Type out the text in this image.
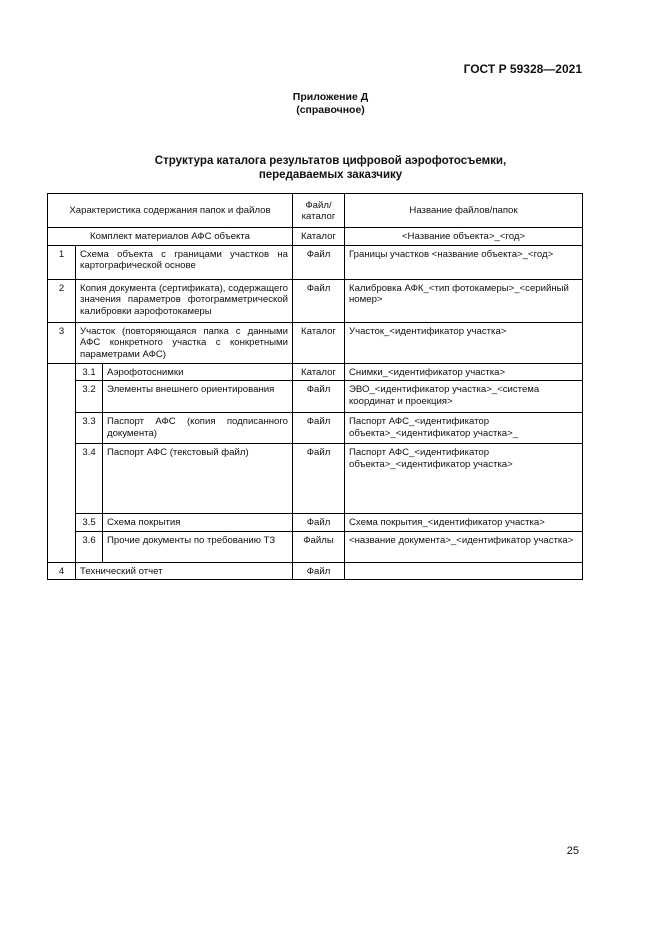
ГОСТ Р 59328—2021
Приложение Д
(справочное)
Структура каталога результатов цифровой аэрофотосъемки,
передаваемых заказчику
Характеристика содержания папок и файлов			Файл/ каталог	Название файлов/папок
Комплект материалов АФС объекта			Каталог	<Название объекта>_<год>
1	Схема объекта с границами участков на картографической основе		Файл	Границы участков <название объекта>_<год>
2	Копия документа (сертификата), содержащего значения параметров фотограмметрической калибровки аэрофотокамеры		Файл	Калибровка АФК_<тип фотокамеры>_<серийный номер>
3	Участок (повторяющаяся папка с данными АФС конкретного участка с конкретными параметрами АФС)		Каталог	Участок_<идентификатор участка>
	3.1	Аэрофотоснимки	Каталог	Снимки_<идентификатор участка>
	3.2	Элементы внешнего ориентирования	Файл	ЭВО_<идентификатор участка>_<система координат и проекция>
	3.3	Паспорт АФС (копия подписанного документа)	Файл	Паспорт АФС_<идентификатор объекта>_<идентификатор участка>_
	3.4	Паспорт АФС (текстовый файл)	Файл	Паспорт АФС_<идентификатор объекта>_<идентификатор участка>
	3.5	Схема покрытия	Файл	Схема покрытия_<идентификатор участка>
	3.6	Прочие документы по требованию ТЗ	Файлы	<название документа>_<идентификатор участка>
4	Технический отчет		Файл	
25
